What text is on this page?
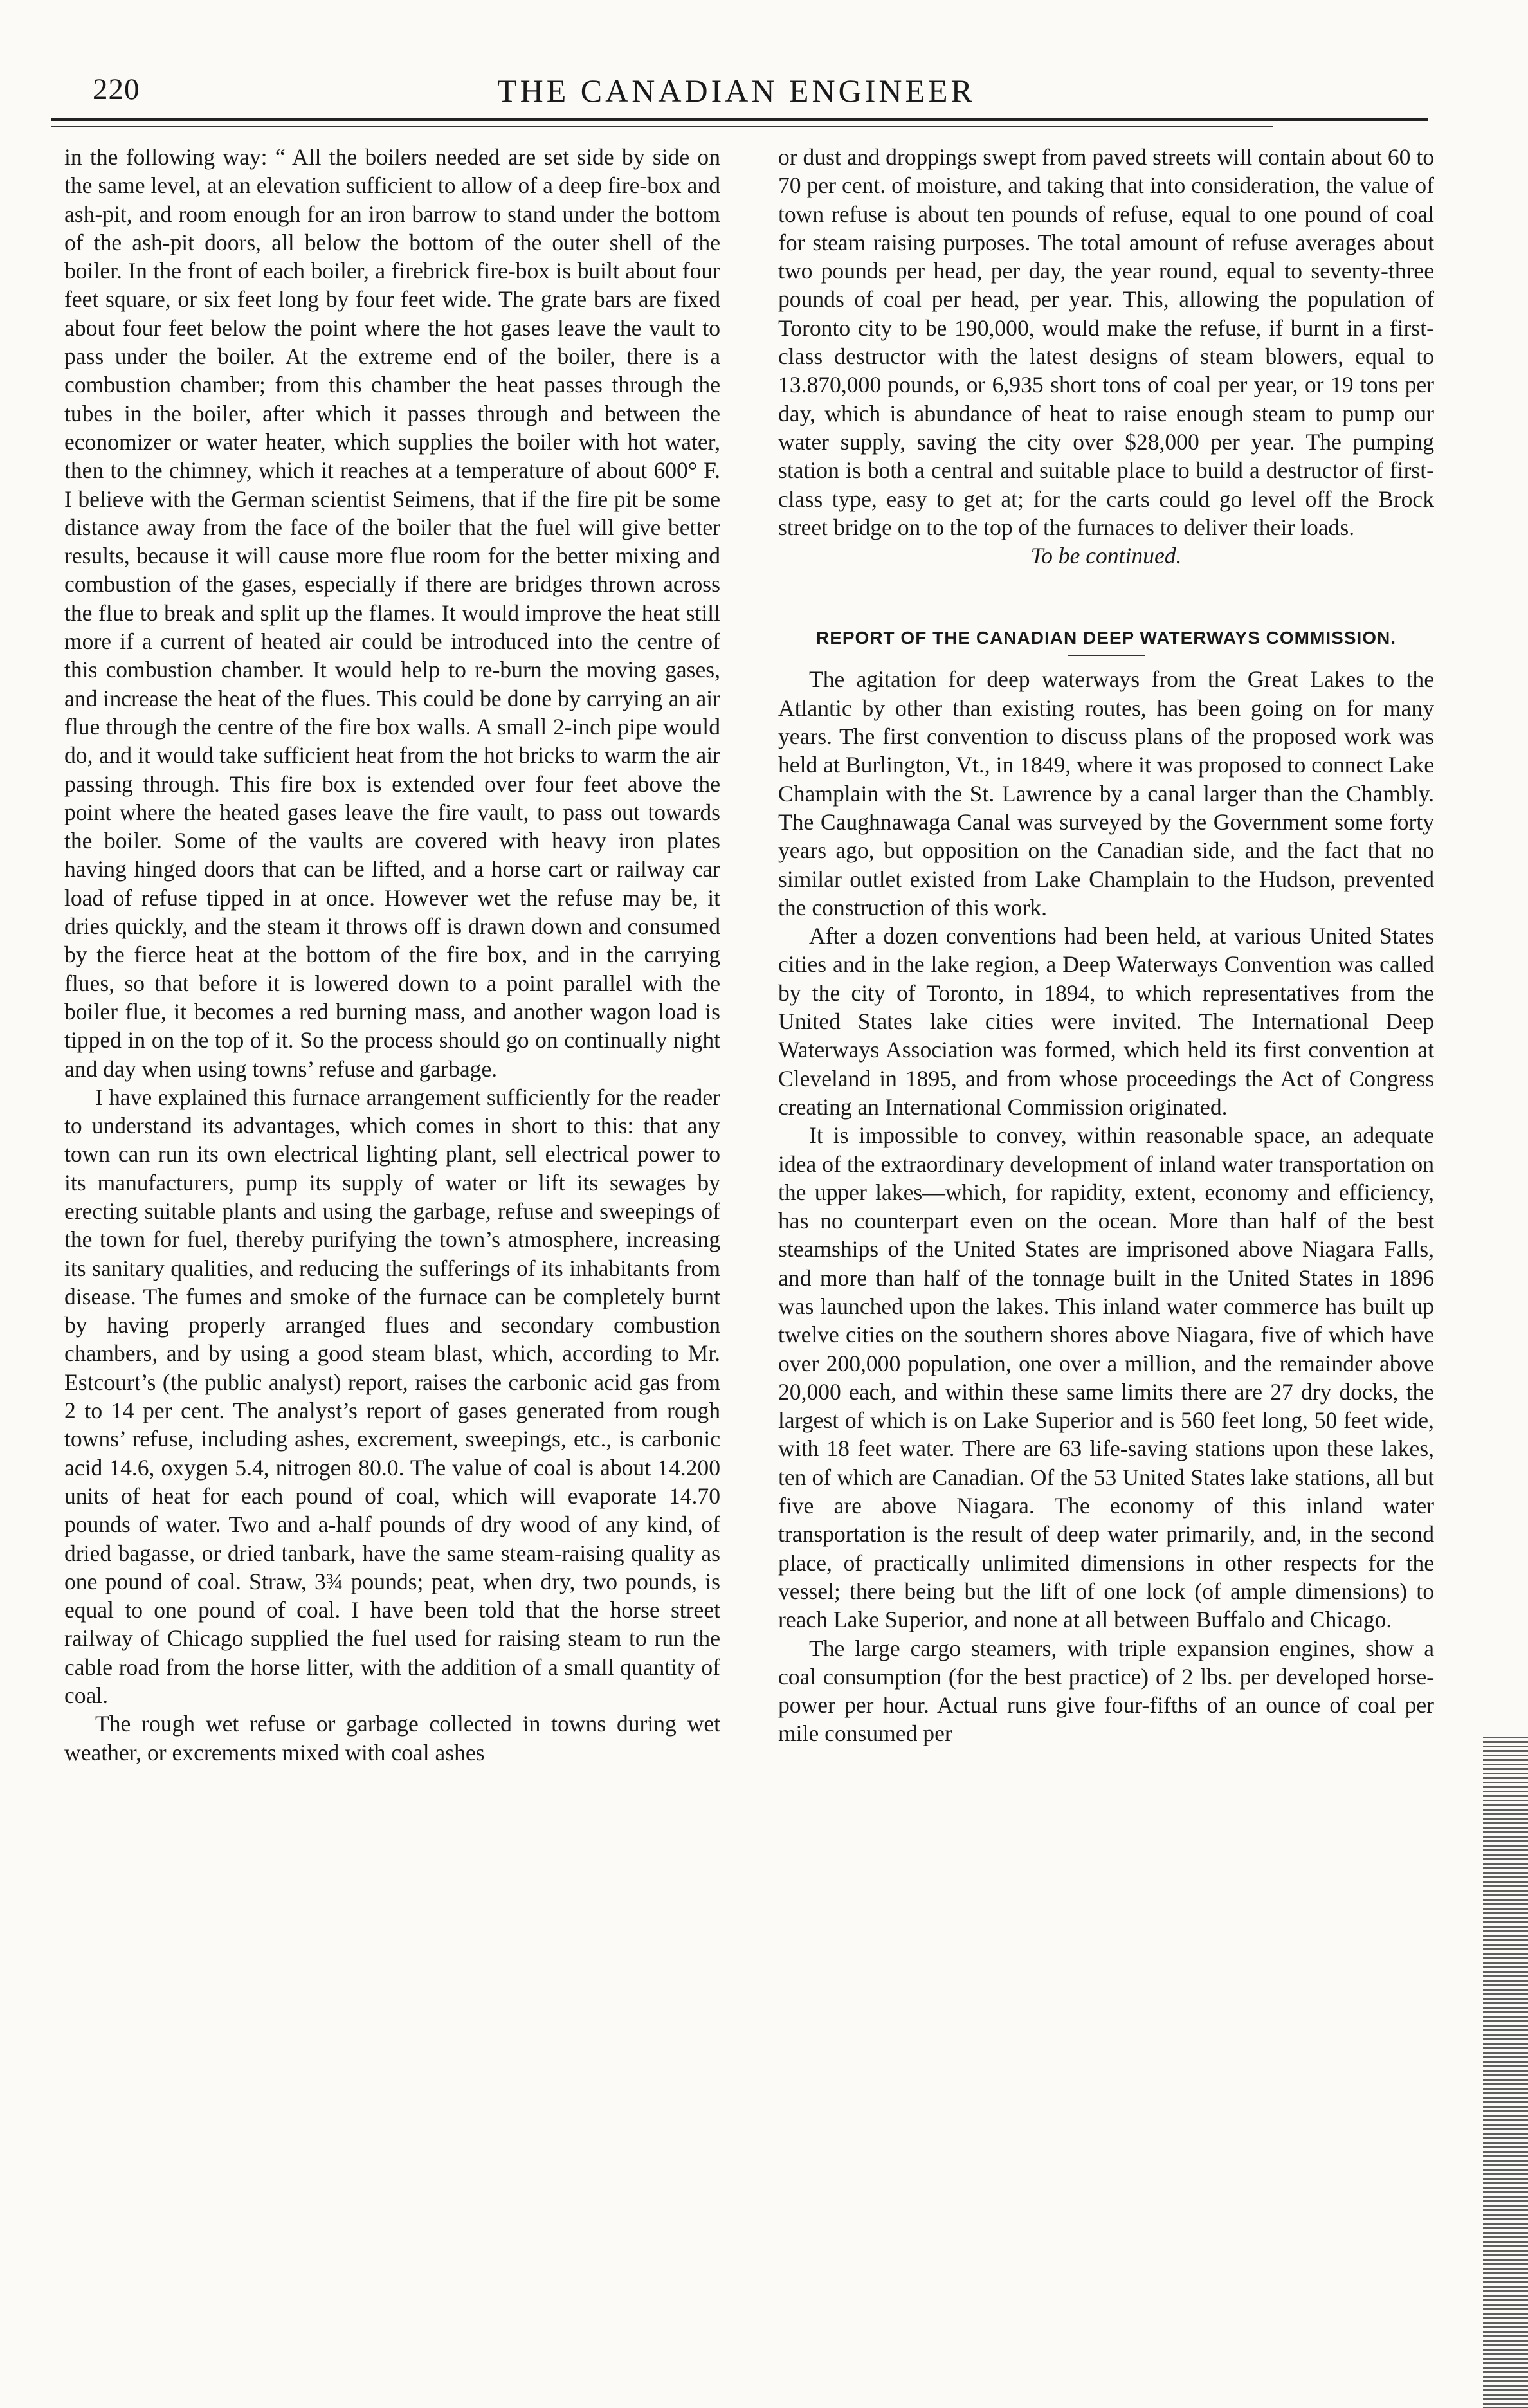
220	THE CANADIAN ENGINEER

in the following way: “ All the boilers needed are set side by side on the same level, at an elevation sufficient to allow of a deep fire-box and ash-pit, and room enough for an iron barrow to stand under the bottom of the ash-pit doors, all below the bottom of the outer shell of the boiler. In the front of each boiler, a firebrick fire-box is built about four feet square, or six feet long by four feet wide. The grate bars are fixed about four feet below the point where the hot gases leave the vault to pass under the boiler. At the extreme end of the boiler, there is a combustion chamber; from this chamber the heat passes through the tubes in the boiler, after which it passes through and between the economizer or water heater, which supplies the boiler with hot water, then to the chimney, which it reaches at a temperature of about 600° F. I believe with the German scientist Seimens, that if the fire pit be some distance away from the face of the boiler that the fuel will give better results, because it will cause more flue room for the better mixing and combustion of the gases, especially if there are bridges thrown across the flue to break and split up the flames. It would improve the heat still more if a current of heated air could be introduced into the centre of this combustion chamber. It would help to re-burn the moving gases, and increase the heat of the flues. This could be done by carrying an air flue through the centre of the fire box walls. A small 2-inch pipe would do, and it would take sufficient heat from the hot bricks to warm the air passing through. This fire box is extended over four feet above the point where the heated gases leave the fire vault, to pass out towards the boiler. Some of the vaults are covered with heavy iron plates having hinged doors that can be lifted, and a horse cart or railway car load of refuse tipped in at once. However wet the refuse may be, it dries quickly, and the steam it throws off is drawn down and consumed by the fierce heat at the bottom of the fire box, and in the carrying flues, so that before it is lowered down to a point parallel with the boiler flue, it becomes a red burning mass, and another wagon load is tipped in on the top of it. So the process should go on continually night and day when using towns’ refuse and garbage.

I have explained this furnace arrangement sufficiently for the reader to understand its advantages, which comes in short to this: that any town can run its own electrical lighting plant, sell electrical power to its manufacturers, pump its supply of water or lift its sewages by erecting suitable plants and using the garbage, refuse and sweepings of the town for fuel, thereby purifying the town’s atmosphere, increasing its sanitary qualities, and reducing the sufferings of its inhabitants from disease. The fumes and smoke of the furnace can be completely burnt by having properly arranged flues and secondary combustion chambers, and by using a good steam blast, which, according to Mr. Estcourt’s (the public analyst) report, raises the carbonic acid gas from 2 to 14 per cent. The analyst’s report of gases generated from rough towns’ refuse, including ashes, excrement, sweepings, etc., is carbonic acid 14.6, oxygen 5.4, nitrogen 80.0. The value of coal is about 14.200 units of heat for each pound of coal, which will evaporate 14.70 pounds of water. Two and a-half pounds of dry wood of any kind, of dried bagasse, or dried tanbark, have the same steam-raising quality as one pound of coal. Straw, 3¾ pounds; peat, when dry, two pounds, is equal to one pound of coal. I have been told that the horse street railway of Chicago supplied the fuel used for raising steam to run the cable road from the horse litter, with the addition of a small quantity of coal.

The rough wet refuse or garbage collected in towns during wet weather, or excrements mixed with coal ashes

or dust and droppings swept from paved streets will contain about 60 to 70 per cent. of moisture, and taking that into consideration, the value of town refuse is about ten pounds of refuse, equal to one pound of coal for steam raising purposes. The total amount of refuse averages about two pounds per head, per day, the year round, equal to seventy-three pounds of coal per head, per year. This, allowing the population of Toronto city to be 190,000, would make the refuse, if burnt in a first-class destructor with the latest designs of steam blowers, equal to 13.870,000 pounds, or 6,935 short tons of coal per year, or 19 tons per day, which is abundance of heat to raise enough steam to pump our water supply, saving the city over $28,000 per year. The pumping station is both a central and suitable place to build a destructor of first-class type, easy to get at; for the carts could go level off the Brock street bridge on to the top of the furnaces to deliver their loads.

To be continued.
REPORT OF THE CANADIAN DEEP WATERWAYS COMMISSION.

The agitation for deep waterways from the Great Lakes to the Atlantic by other than existing routes, has been going on for many years. The first convention to discuss plans of the proposed work was held at Burlington, Vt., in 1849, where it was proposed to connect Lake Champlain with the St. Lawrence by a canal larger than the Chambly. The Caughnawaga Canal was surveyed by the Government some forty years ago, but opposition on the Canadian side, and the fact that no similar outlet existed from Lake Champlain to the Hudson, prevented the construction of this work.

After a dozen conventions had been held, at various United States cities and in the lake region, a Deep Waterways Convention was called by the city of Toronto, in 1894, to which representatives from the United States lake cities were invited. The International Deep Waterways Association was formed, which held its first convention at Cleveland in 1895, and from whose proceedings the Act of Congress creating an International Commission originated.

It is impossible to convey, within reasonable space, an adequate idea of the extraordinary development of inland water transportation on the upper lakes—which, for rapidity, extent, economy and efficiency, has no counterpart even on the ocean. More than half of the best steamships of the United States are imprisoned above Niagara Falls, and more than half of the tonnage built in the United States in 1896 was launched upon the lakes. This inland water commerce has built up twelve cities on the southern shores above Niagara, five of which have over 200,000 population, one over a million, and the remainder above 20,000 each, and within these same limits there are 27 dry docks, the largest of which is on Lake Superior and is 560 feet long, 50 feet wide, with 18 feet water. There are 63 life-saving stations upon these lakes, ten of which are Canadian. Of the 53 United States lake stations, all but five are above Niagara. The economy of this inland water transportation is the result of deep water primarily, and, in the second place, of practically unlimited dimensions in other respects for the vessel; there being but the lift of one lock (of ample dimensions) to reach Lake Superior, and none at all between Buffalo and Chicago.

The large cargo steamers, with triple expansion engines, show a coal consumption (for the best practice) of 2 lbs. per developed horse-power per hour. Actual runs give four-fifths of an ounce of coal per mile consumed per
